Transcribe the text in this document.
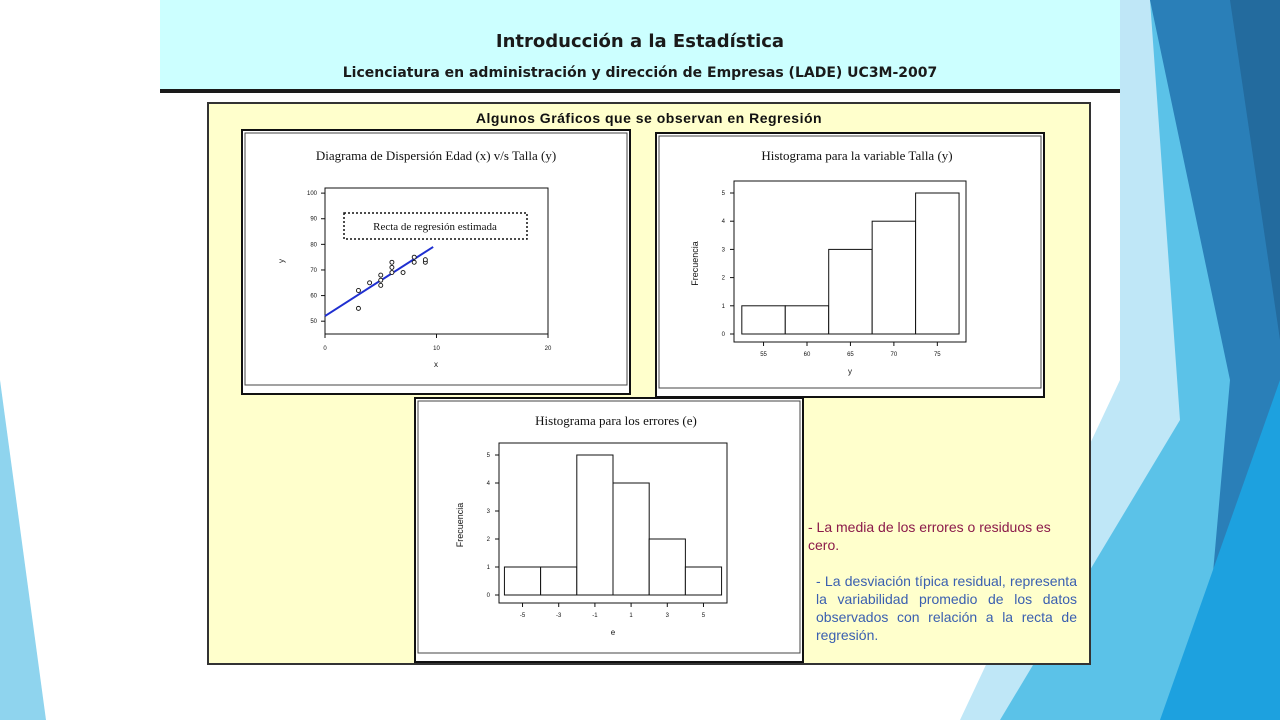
Introducción a la Estadística
Licenciatura en administración y dirección de Empresas (LADE) UC3M-2007
Algunos Gráficos que se observan en Regresión
Diagrama de Dispersión Edad (x) v/s Talla (y)
50
60
70
80
90
100
0	10	20
x
y
Recta de regresión estimada
Histograma para la variable Talla (y)
0
1
2
3
4
5
55	60	65	70	75
y
Frecuencia
Histograma para los errores (e)
0
1
2
3
4
5
-5	-3	-1	1	3	5
e
Frecuencia	- La media de los errores o residuos es cero.
- La desviación típica residual, representa la variabilidad promedio de los datos observados con relación a la recta de regresión.
